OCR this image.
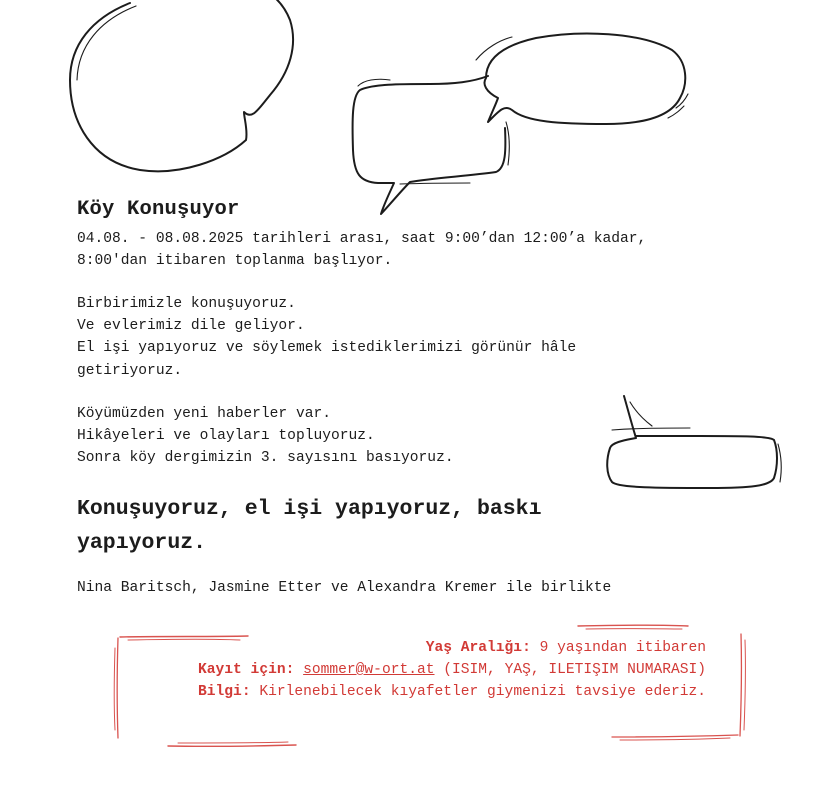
Köy Konuşuyor
04.08. - 08.08.2025 tarihleri arası, saat 9:00’dan 12:00’a kadar,
8:00'dan itibaren toplanma başlıyor.
Birbirimizle konuşuyoruz.
Ve evlerimiz dile geliyor.
El işi yapıyoruz ve söylemek istediklerimizi görünür hâle
getiriyoruz.
Köyümüzden yeni haberler var.
Hikâyeleri ve olayları topluyoruz.
Sonra köy dergimizin 3. sayısını basıyoruz.
Konuşuyoruz, el işi yapıyoruz, baskı yapıyoruz.
Nina Baritsch, Jasmine Etter ve Alexandra Kremer ile birlikte
Yaş Aralığı: 9 yaşından itibaren
Kayıt için: sommer@w-ort.at (ISIM, YAŞ, ILETIŞIM NUMARASI)
Bilgi: Kirlenebilecek kıyafetler giymenizi tavsiye ederiz.
